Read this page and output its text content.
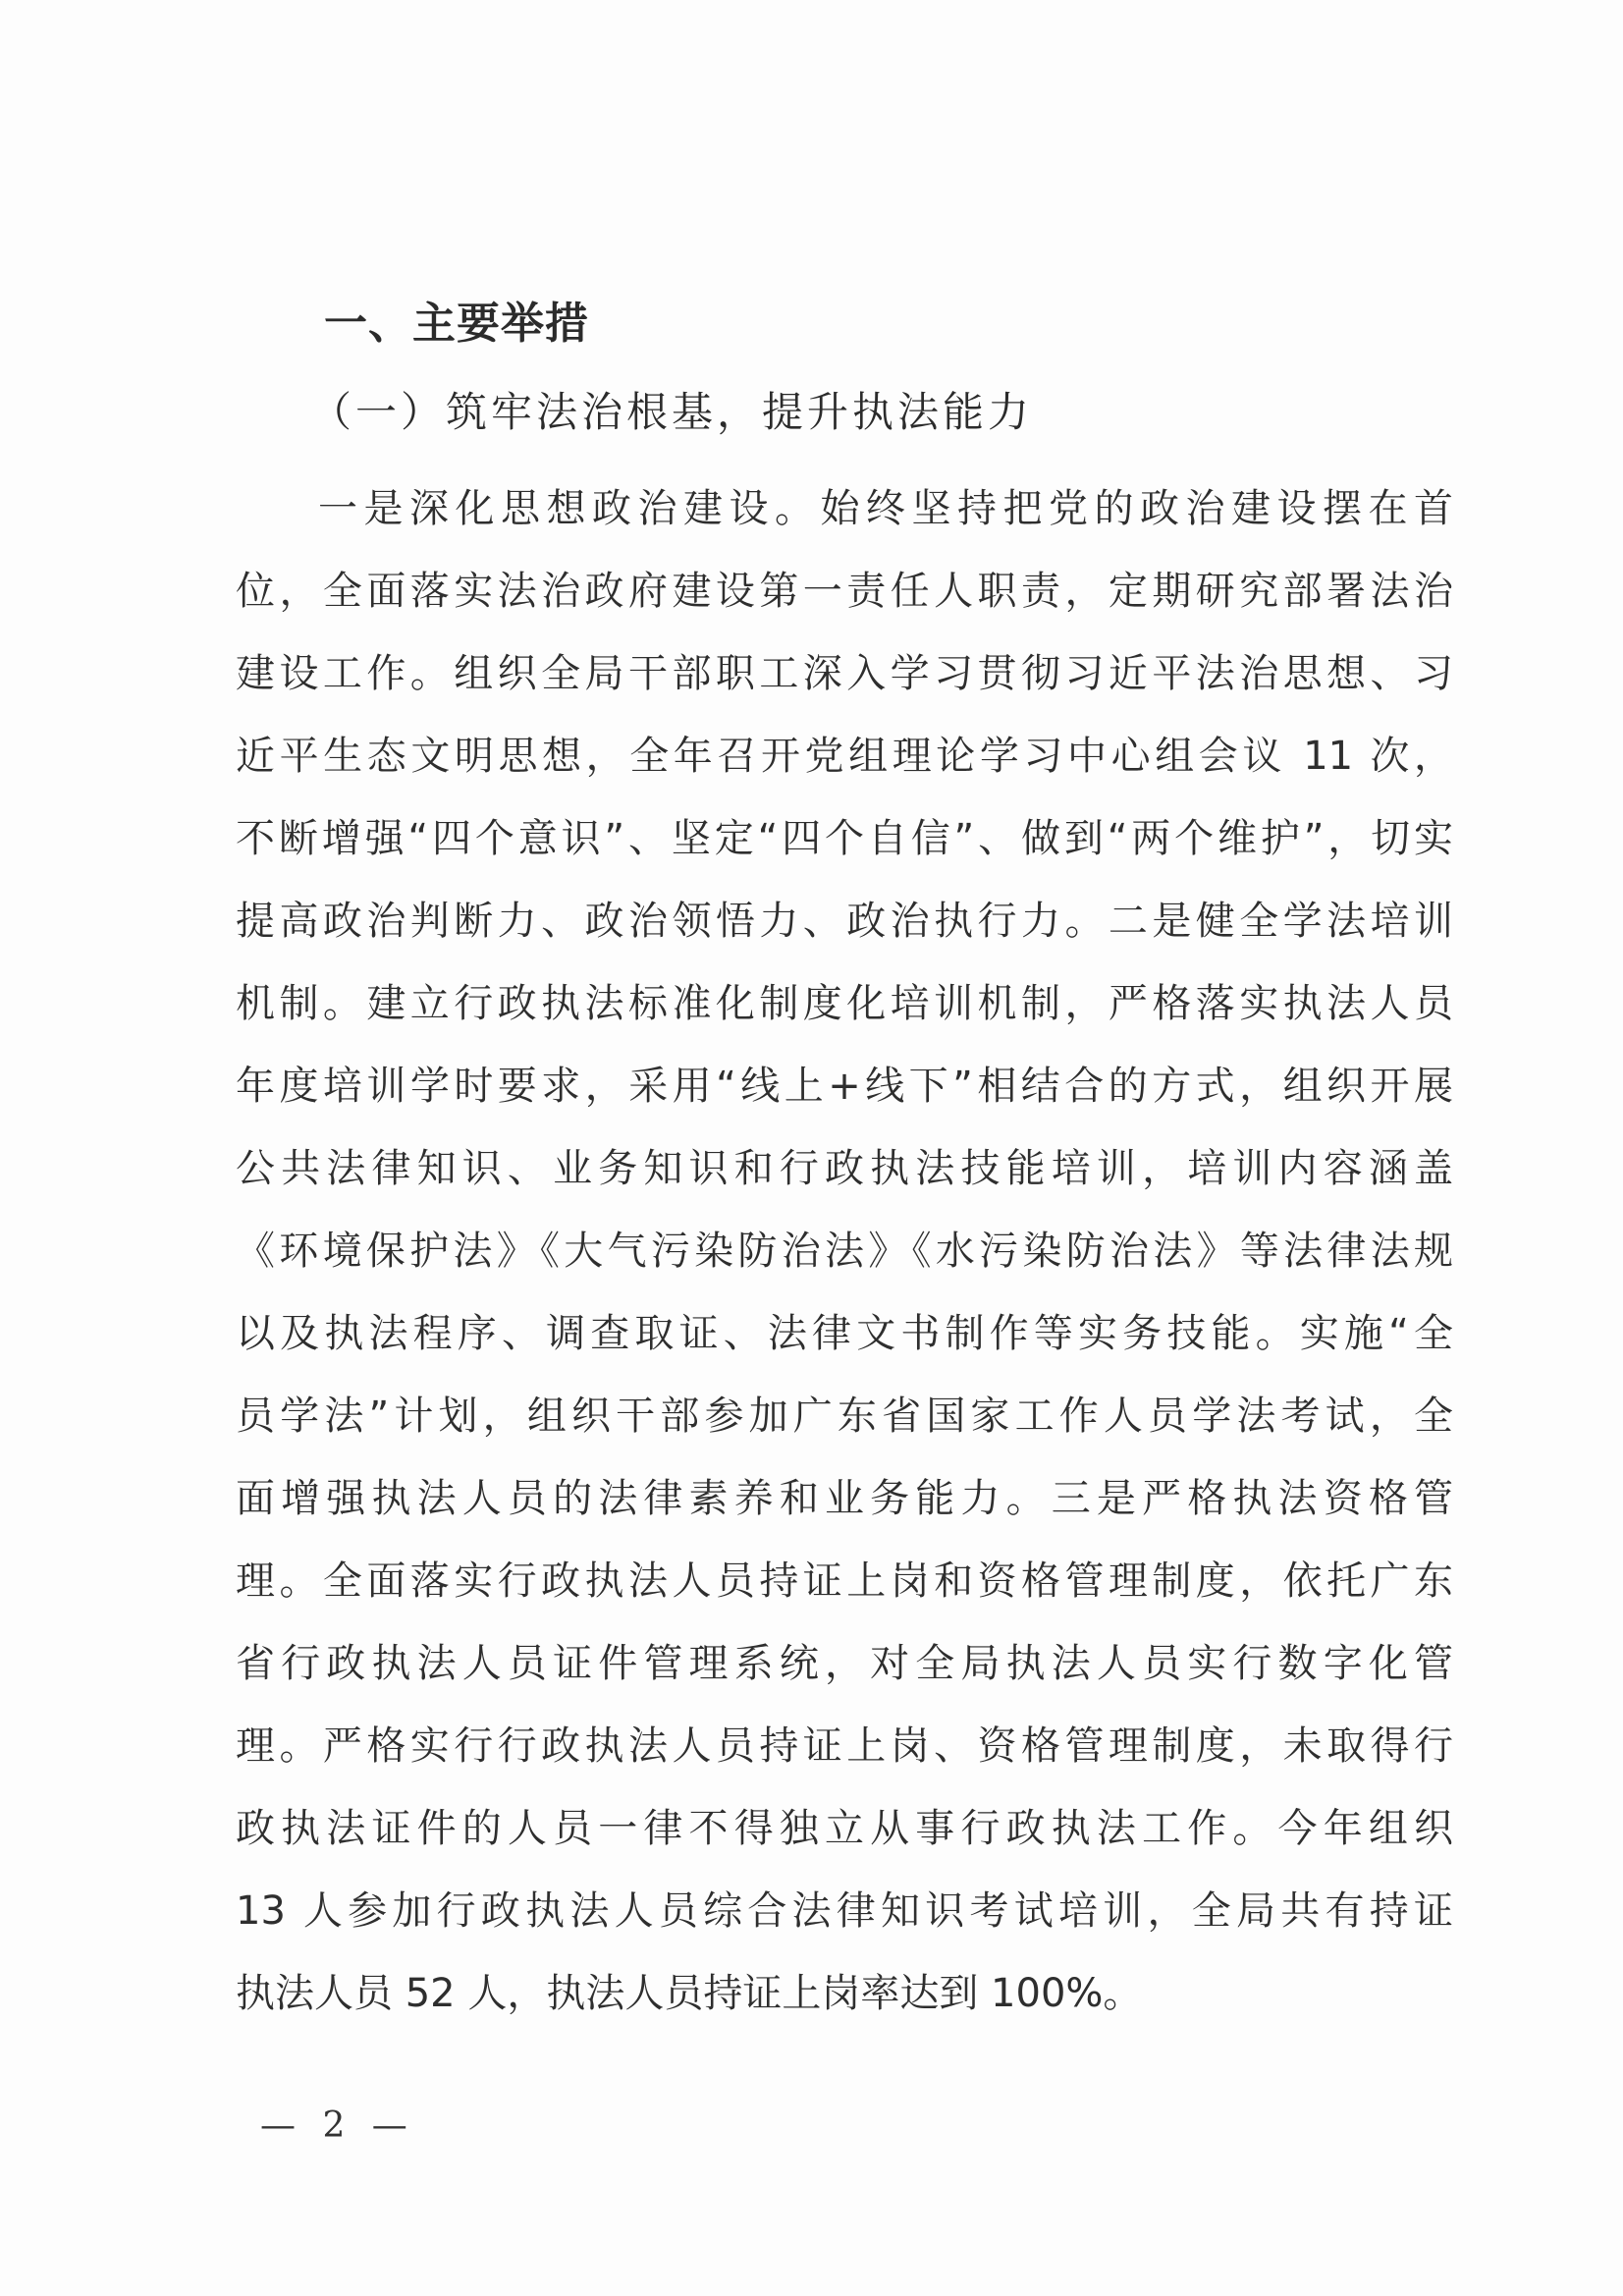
一、主要举措
（一）筑牢法治根基，提升执法能力
一是深化思想政治建设。始终坚持把党的政治建设摆在首
位，全面落实法治政府建设第一责任人职责，定期研究部署法治
建设工作。组织全局干部职工深入学习贯彻习近平法治思想、习
近平生态文明思想，全年召开党组理论学习中心组会议 11 次，
不断增强“四个意识”、坚定“四个自信”、做到“两个维护”，切实
提高政治判断力、政治领悟力、政治执行力。二是健全学法培训
机制。建立行政执法标准化制度化培训机制，严格落实执法人员
年度培训学时要求，采用“线上+线下”相结合的方式，组织开展
公共法律知识、业务知识和行政执法技能培训，培训内容涵盖
《环境保护法》《大气污染防治法》《水污染防治法》等法律法规
以及执法程序、调查取证、法律文书制作等实务技能。实施“全
员学法”计划，组织干部参加广东省国家工作人员学法考试，全
面增强执法人员的法律素养和业务能力。三是严格执法资格管
理。全面落实行政执法人员持证上岗和资格管理制度，依托广东
省行政执法人员证件管理系统，对全局执法人员实行数字化管
理。严格实行行政执法人员持证上岗、资格管理制度，未取得行
政执法证件的人员一律不得独立从事行政执法工作。今年组织
13 人参加行政执法人员综合法律知识考试培训，全局共有持证
执法人员 52 人，执法人员持证上岗率达到 100%。
— 2 —
